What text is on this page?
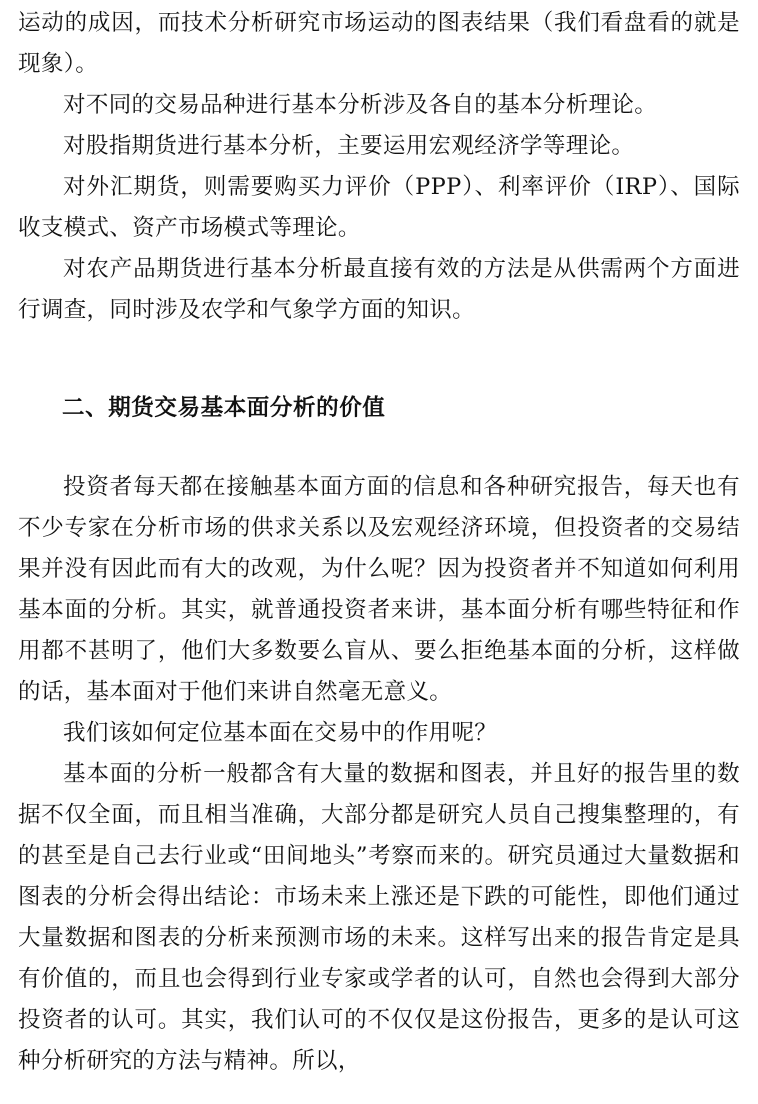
运动的成因，而技术分析研究市场运动的图表结果（我们看盘看的就是现象）。

对不同的交易品种进行基本分析涉及各自的基本分析理论。

对股指期货进行基本分析，主要运用宏观经济学等理论。

对外汇期货，则需要购买力评价（PPP）、利率评价（IRP）、国际收支模式、资产市场模式等理论。

对农产品期货进行基本分析最直接有效的方法是从供需两个方面进行调查，同时涉及农学和气象学方面的知识。

二、期货交易基本面分析的价值

投资者每天都在接触基本面方面的信息和各种研究报告，每天也有不少专家在分析市场的供求关系以及宏观经济环境，但投资者的交易结果并没有因此而有大的改观，为什么呢？因为投资者并不知道如何利用基本面的分析。其实，就普通投资者来讲，基本面分析有哪些特征和作用都不甚明了，他们大多数要么盲从、要么拒绝基本面的分析，这样做的话，基本面对于他们来讲自然毫无意义。

我们该如何定位基本面在交易中的作用呢？

基本面的分析一般都含有大量的数据和图表，并且好的报告里的数据不仅全面，而且相当准确，大部分都是研究人员自己搜集整理的，有的甚至是自己去行业或“田间地头”考察而来的。研究员通过大量数据和图表的分析会得出结论：市场未来上涨还是下跌的可能性，即他们通过大量数据和图表的分析来预测市场的未来。这样写出来的报告肯定是具有价值的，而且也会得到行业专家或学者的认可，自然也会得到大部分投资者的认可。其实，我们认可的不仅仅是这份报告，更多的是认可这种分析研究的方法与精神。所以，
